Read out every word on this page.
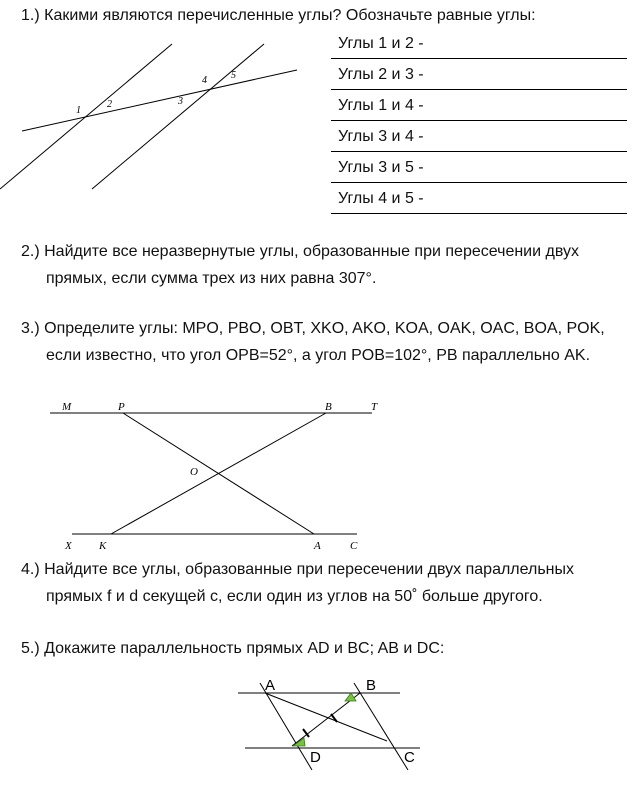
1.) Какими являются перечисленные углы? Обозначьте равные углы:
1
2	3
4 5
Углы 1 и 2 -
Углы 2 и 3 -
Углы 1 и 4 -
Углы 3 и 4 -
Углы 3 и 5 -
Углы 4 и 5 -
2.) Найдите все неразвернутые углы, образованные при пересечении двух
прямых, если сумма трех из них равна 307°.
3.) Определите углы: MPO, PBO, OBT, XKO, AKO, KOA, OAK, OAC, BOA, POK,
если известно, что угол OPB=52°, а угол POB=102°, PB параллельно AK.
M	P	B	T
O
X K	A	C
4.) Найдите все углы, образованные при пересечении двух параллельных
прямых f и d секущей с, если один из углов на 50˚ больше другого.
5.) Докажите параллельность прямых AD и BC; AB и DC:
A	B
D	C
